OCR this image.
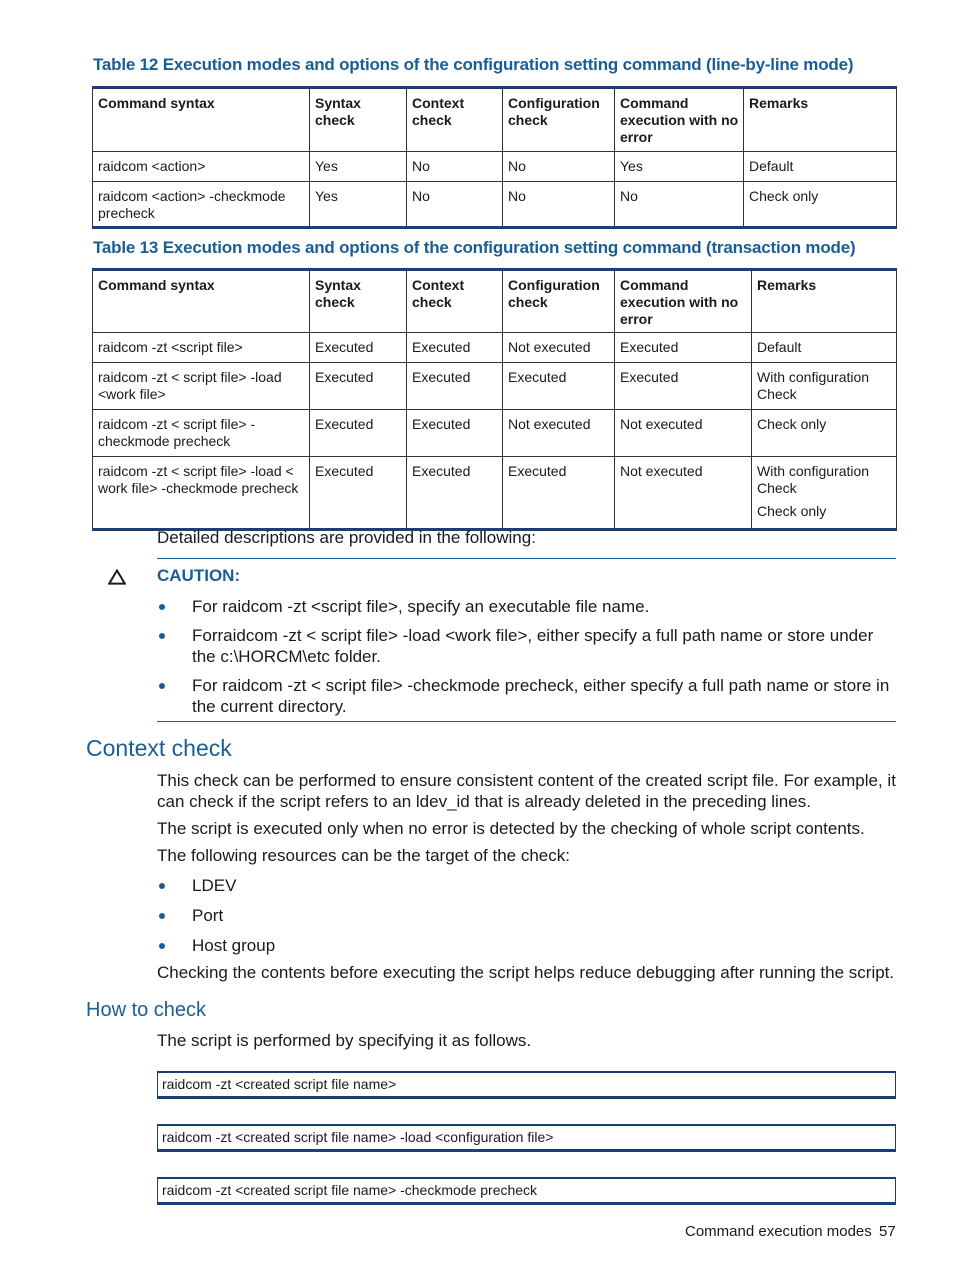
Table 12 Execution modes and options of the configuration setting command (line-by-line mode)

Command syntax	Syntax check	Context check	Configuration check	Command execution with no error	Remarks
raidcom <action>	Yes	No	No	Yes	Default
raidcom <action> -checkmode precheck	Yes	No	No	No	Check only

Table 13 Execution modes and options of the configuration setting command (transaction mode)

Command syntax	Syntax check	Context check	Configuration check	Command execution with no error	Remarks
raidcom -zt <script file>	Executed	Executed	Not executed	Executed	Default
raidcom -zt < script file> -load <work file>	Executed	Executed	Executed	Executed	With configuration Check
raidcom -zt < script file> -checkmode precheck	Executed	Executed	Not executed	Not executed	Check only
raidcom -zt < script file> -load < work file> -checkmode precheck	Executed	Executed	Executed	Not executed	With configuration Check
Check only

Detailed descriptions are provided in the following:

CAUTION:

For raidcom -zt <script file>, specify an executable file name.
Forraidcom -zt < script file> -load <work file>, either specify a full path name or store under the c:\HORCM\etc folder.
For raidcom -zt < script file> -checkmode precheck, either specify a full path name or store in the current directory.
Context check

This check can be performed to ensure consistent content of the created script file. For example, it can check if the script refers to an ldev_id that is already deleted in the preceding lines.

The script is executed only when no error is detected by the checking of whole script contents.

The following resources can be the target of the check:

LDEV
Port
Host group

Checking the contents before executing the script helps reduce debugging after running the script.

How to check

The script is performed by specifying it as follows.

raidcom -zt <created script file name>
raidcom -zt <created script file name> -load <configuration file>
raidcom -zt <created script file name> -checkmode precheck

Command execution modes 57
